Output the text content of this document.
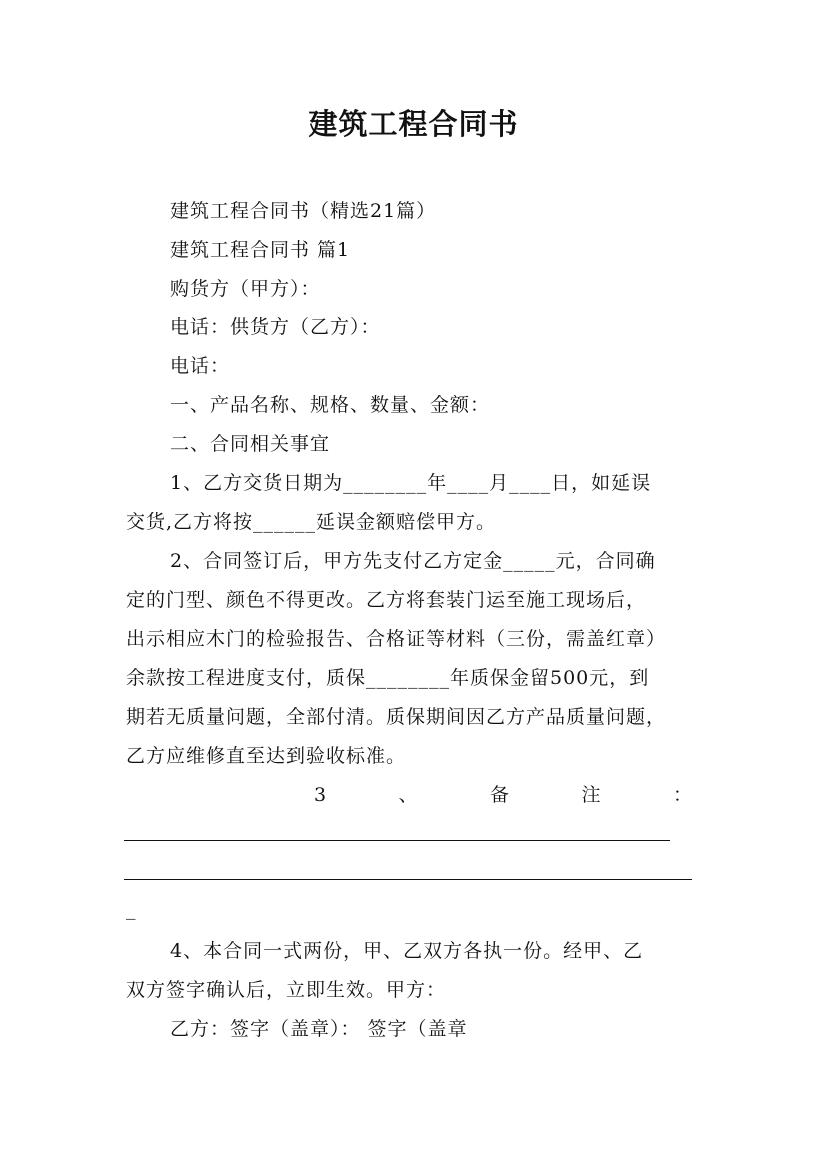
建筑工程合同书
建筑工程合同书（精选21篇）
建筑工程合同书 篇1
购货方（甲方）：
电话：供货方（乙方）：
电话：
一、产品名称、规格、数量、金额：
二、合同相关事宜
1、乙方交货日期为________年____月____日，如延误
交货,乙方将按______延误金额赔偿甲方。
2、合同签订后，甲方先支付乙方定金_____元，合同确
定的门型、颜色不得更改。乙方将套装门运至施工现场后，
出示相应木门的检验报告、合格证等材料（三份，需盖红章）
余款按工程进度支付，质保________年质保金留500元，到
期若无质量问题，全部付清。质保期间因乙方产品质量问题，
乙方应维修直至达到验收标准。
3	、	备	注	：
_
4、本合同一式两份，甲、乙双方各执一份。经甲、乙
双方签字确认后，立即生效。甲方：
乙方：签字（盖章）： 签字（盖章
